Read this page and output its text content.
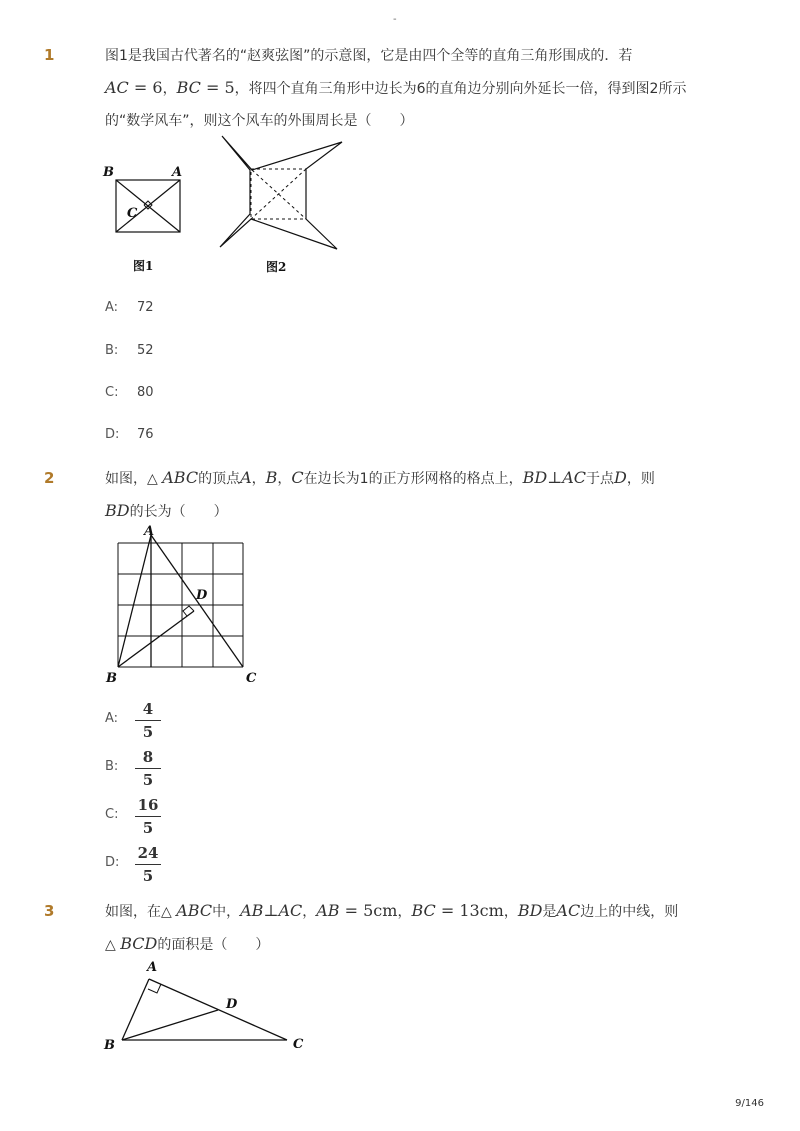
-
1	图1是我国古代著名的“赵爽弦图”的示意图，它是由四个全等的直角三角形围成的．若
AC = 6，BC = 5，将四个直角三角形中边长为6的直角边分别向外延长一倍，得到图2所示
的“数学风车”，则这个风车的外围周长是（　　）
B	A
C
图1	图2
A: 72
B: 52
C: 80
D: 76
2	如图，△ ABC的顶点A，B，C在边长为1的正方形网格的格点上，BD⊥AC于点D，则
BD的长为（　　）
A
B	C
D
A:
4
5
B:
8
5
C:
16
5
D:
24
5
3	如图，在△ ABC中，AB⊥AC，AB = 5cm，BC = 13cm，BD是AC边上的中线，则
△ BCD的面积是（　　）
A
B	C
D
9/146
